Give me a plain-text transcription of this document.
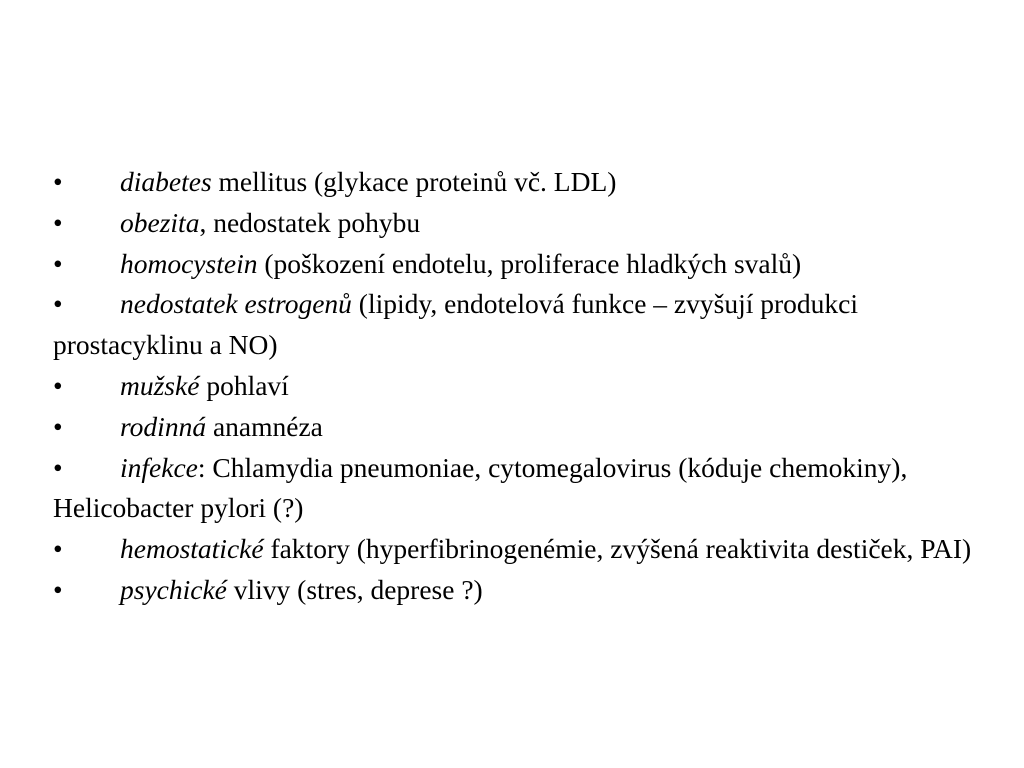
• diabetes mellitus (glykace proteinů vč. LDL)
• obezita, nedostatek pohybu
• homocystein (poškození endotelu, proliferace hladkých svalů)
• nedostatek estrogenů (lipidy, endotelová funkce – zvyšují produkci prostacyklinu a NO)
• mužské pohlaví
• rodinná anamnéza
• infekce: Chlamydia pneumoniae, cytomegalovirus (kóduje chemokiny), Helicobacter pylori (?)
• hemostatické faktory (hyperfibrinogenémie, zvýšená reaktivita destiček, PAI)
• psychické vlivy (stres, deprese ?)
